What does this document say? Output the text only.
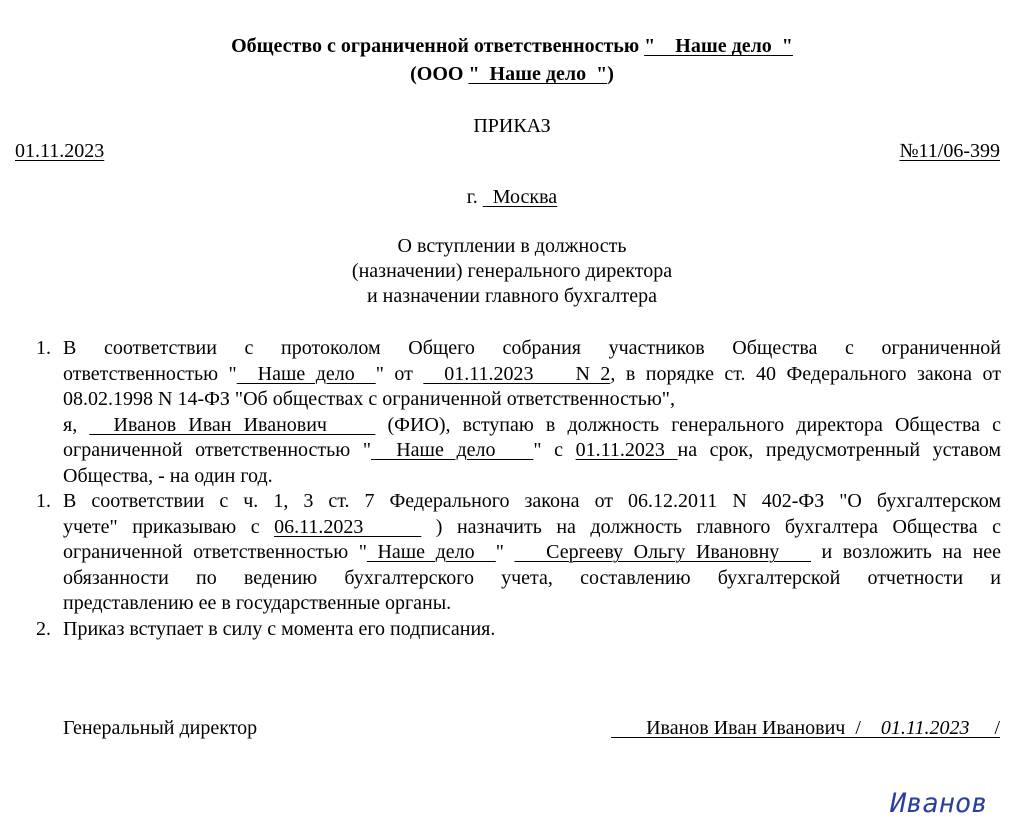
Общество с ограниченной ответственностью "    Наше дело  "
(ООО "  Наше дело  ")
ПРИКАЗ
01.11.2023	№11/06-399
г.   Москва
О вступлении в должность
(назначении) генерального директора
и назначении главного бухгалтера
1. В соответствии с протоколом Общего собрания участников Общества с ограниченной
ответственностью "  Наше дело  " от   01.11.2023    N 2, в порядке ст. 40 Федерального закона от
08.02.1998 N 14-ФЗ "Об обществах с ограниченной ответственностью",
я,   Иванов Иван Иванович     (ФИО), вступаю в должность генерального директора Общества с
ограниченной ответственностью "  Наше дело   " с 01.11.2023 на срок, предусмотренный уставом
Общества, - на один год.
1. В соответствии с ч. 1, 3 ст. 7 Федерального закона от 06.12.2011 N 402-ФЗ "О бухгалтерском
учете" приказываю с 06.11.2023     ) назначить на должность главного бухгалтера Общества с
ограниченной ответственностью " Наше дело  "    Сергееву Ольгу Ивановну    и возложить на нее
обязанности по ведению бухгалтерского учета, составлению бухгалтерской отчетности и
представлению ее в государственные органы.
2. Приказ вступает в силу с момента его подписания.
Генеральный директор	Иванов Иван Иванович  /    01.11.2023     /
Иванов
